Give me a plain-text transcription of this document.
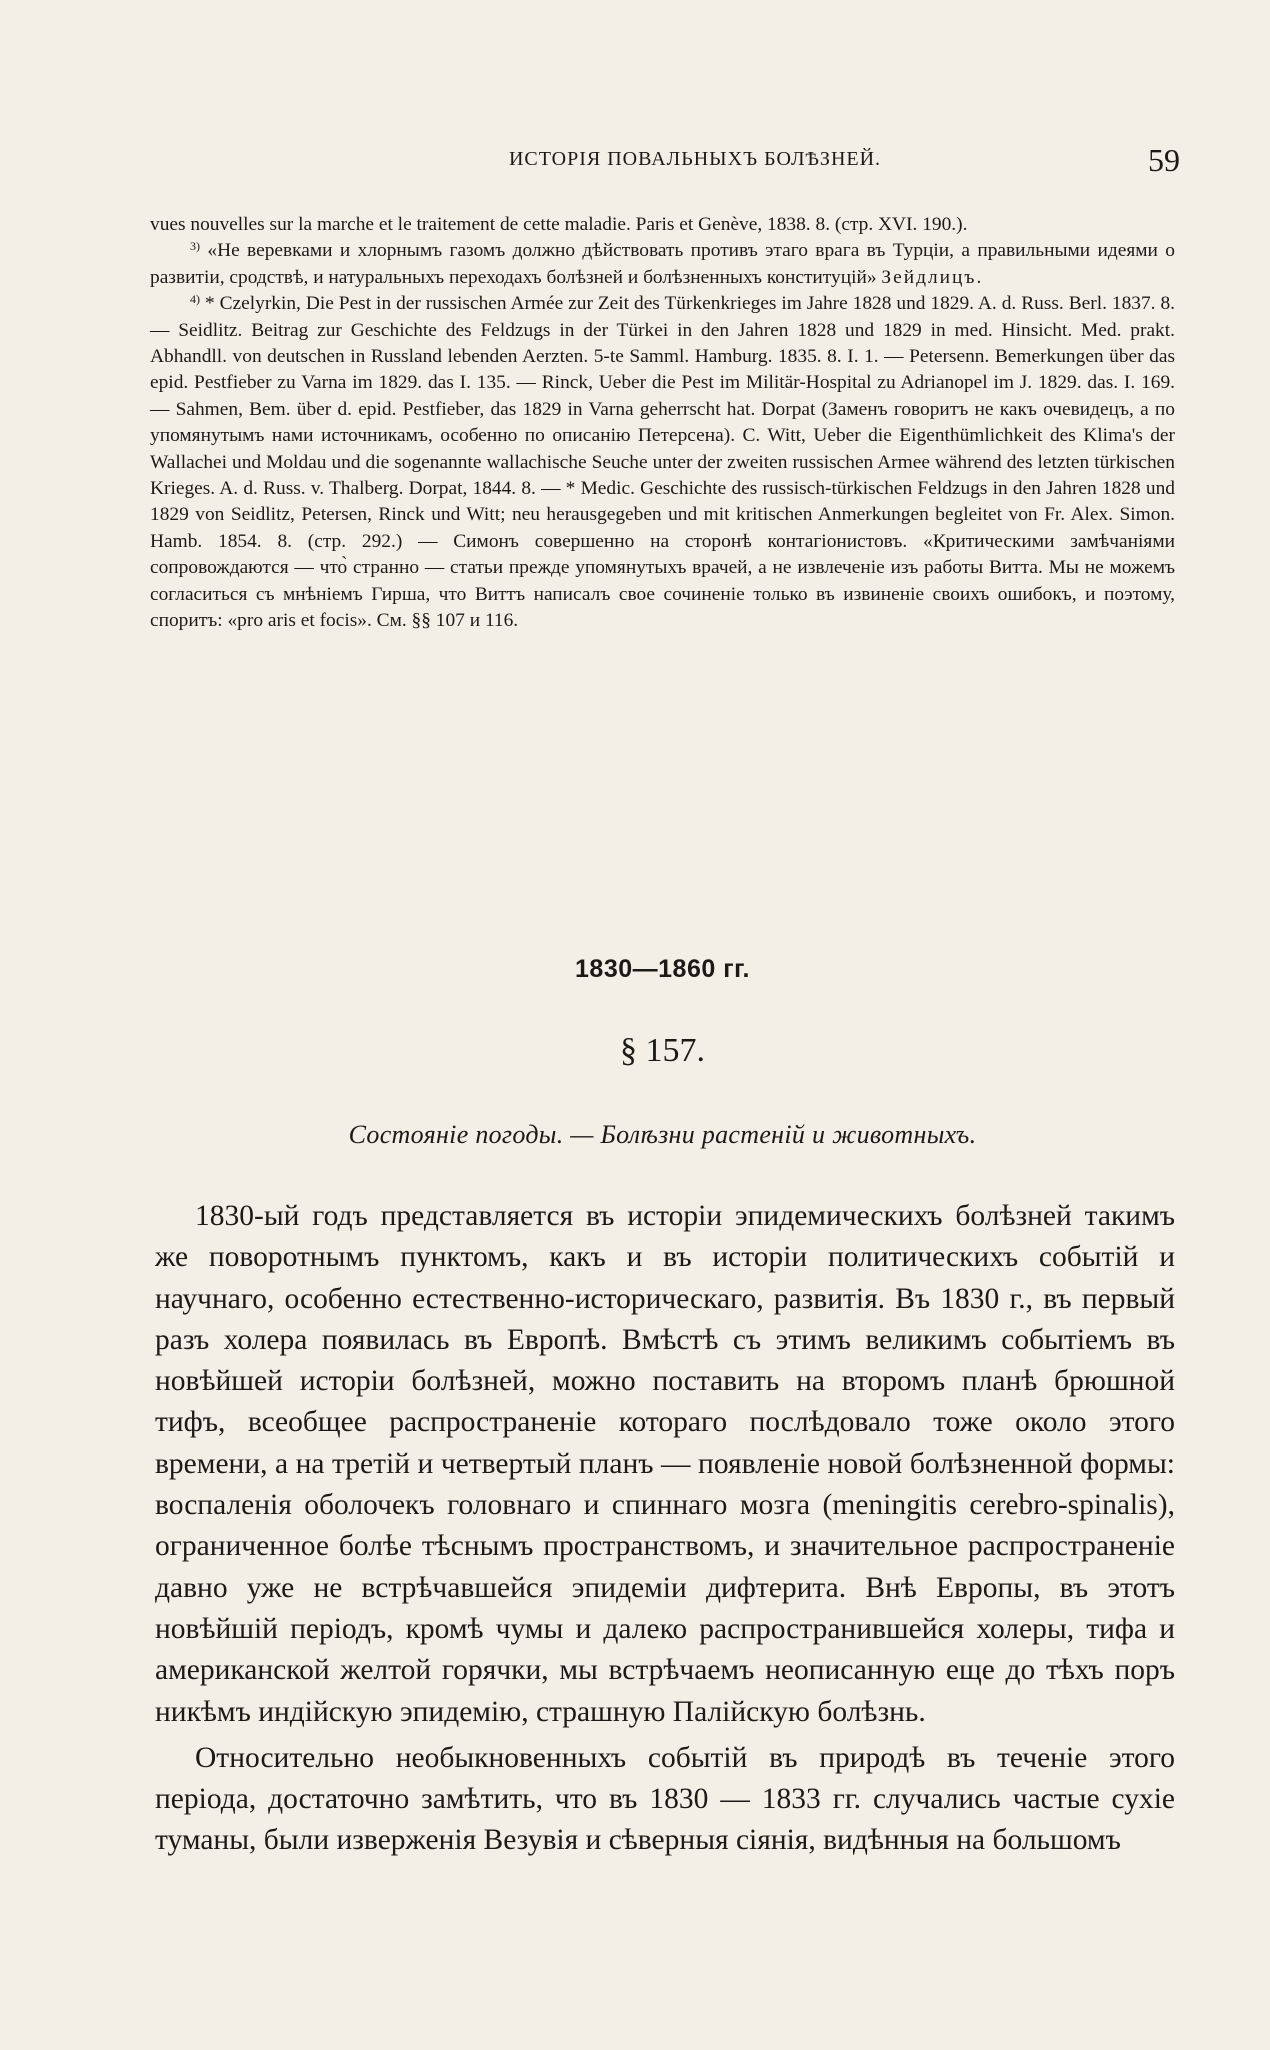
ИСТОРІЯ ПОВАЛЬНЫХЪ БОЛѢЗНЕЙ.	59

vues nouvelles sur la marche et le traitement de cette maladie. Paris et Genève, 1838. 8. (стр. XVI. 190.).

$^{3)}$ «Не веревками и хлорнымъ газомъ должно дѣйствовать противъ этаго врага въ Турціи, а правильными идеями о развитіи, сродствѣ, и натуральныхъ переходахъ болѣзней и болѣзненныхъ конституцій» Зейдлицъ.

$^{4)}$ * Czelyrkin, Die Pest in der russischen Armée zur Zeit des Türkenkrieges im Jahre 1828 und 1829. A. d. Russ. Berl. 1837. 8. — Seidlitz. Beitrag zur Geschichte des Feldzugs in der Türkei in den Jahren 1828 und 1829 in med. Hinsicht. Med. prakt. Abhandll. von deutschen in Russland lebenden Aerzten. 5-te Samml. Hamburg. 1835. 8. I. 1. — Petersenn. Bemerkungen über das epid. Pestfieber zu Varna im 1829. das I. 135. — Rinck, Ueber die Pest im Militär-Hospital zu Adrianopel im J. 1829. das. I. 169. — Sahmen, Bem. über d. epid. Pestfieber, das 1829 in Varna geherrscht hat. Dorpat (Заменъ говоритъ не какъ очевидецъ, а по упомянутымъ нами источникамъ, особенно по описанію Петерсена). C. Witt, Ueber die Eigenthümlichkeit des Klima's der Wallachei und Moldau und die sogenannte wallachische Seuche unter der zweiten russischen Armee während des letzten türkischen Krieges. A. d. Russ. v. Thalberg. Dorpat, 1844. 8. — * Medic. Geschichte des russisch-türkischen Feldzugs in den Jahren 1828 und 1829 von Seidlitz, Petersen, Rinck und Witt; neu herausgegeben und mit kritischen Anmerkungen begleitet von Fr. Alex. Simon. Hamb. 1854. 8. (стр. 292.) — Симонъ совершенно на сторонѣ контагіонистовъ. «Критическими замѣчаніями сопровождаются — что̀ странно — статьи прежде упомянутыхъ врачей, а не извлеченіе изъ работы Витта. Мы не можемъ согласиться съ мнѣніемъ Гирша, что Виттъ написалъ свое сочиненіе только въ извиненіе своихъ ошибокъ, и поэтому, споритъ: «pro aris et focis». См. §§ 107 и 116.

1830—1860 гг.
§ 157.
Состояніе погоды. — Болѣзни растеній и животныхъ.

1830-ый годъ представляется въ исторіи эпидемическихъ болѣзней такимъ же поворотнымъ пунктомъ, какъ и въ исторіи политическихъ событій и научнаго, особенно естественно-историческаго, развитія. Въ 1830 г., въ первый разъ холера появилась въ Европѣ. Вмѣстѣ съ этимъ великимъ событіемъ въ новѣйшей исторіи болѣзней, можно поставить на второмъ планѣ брюшной тифъ, всеобщее распространеніе котораго послѣдовало тоже около этого времени, а на третій и четвертый планъ — появленіе новой болѣзненной формы: воспаленія оболочекъ головнаго и спиннаго мозга (meningitis cerebro-spinalis), ограниченное болѣе тѣснымъ пространствомъ, и значительное распространеніе давно уже не встрѣчавшейся эпидеміи дифтерита. Внѣ Европы, въ этотъ новѣйшій періодъ, кромѣ чумы и далеко распространившейся холеры, тифа и американской желтой горячки, мы встрѣчаемъ неописанную еще до тѣхъ поръ никѣмъ индійскую эпидемію, страшную Палійскую болѣзнь.

Относительно необыкновенныхъ событій въ природѣ въ теченіе этого періода, достаточно замѣтить, что въ 1830 — 1833 гг. случались частые сухіе туманы, были изверженія Везувія и сѣверныя сіянія, видѣнныя на большомъ
